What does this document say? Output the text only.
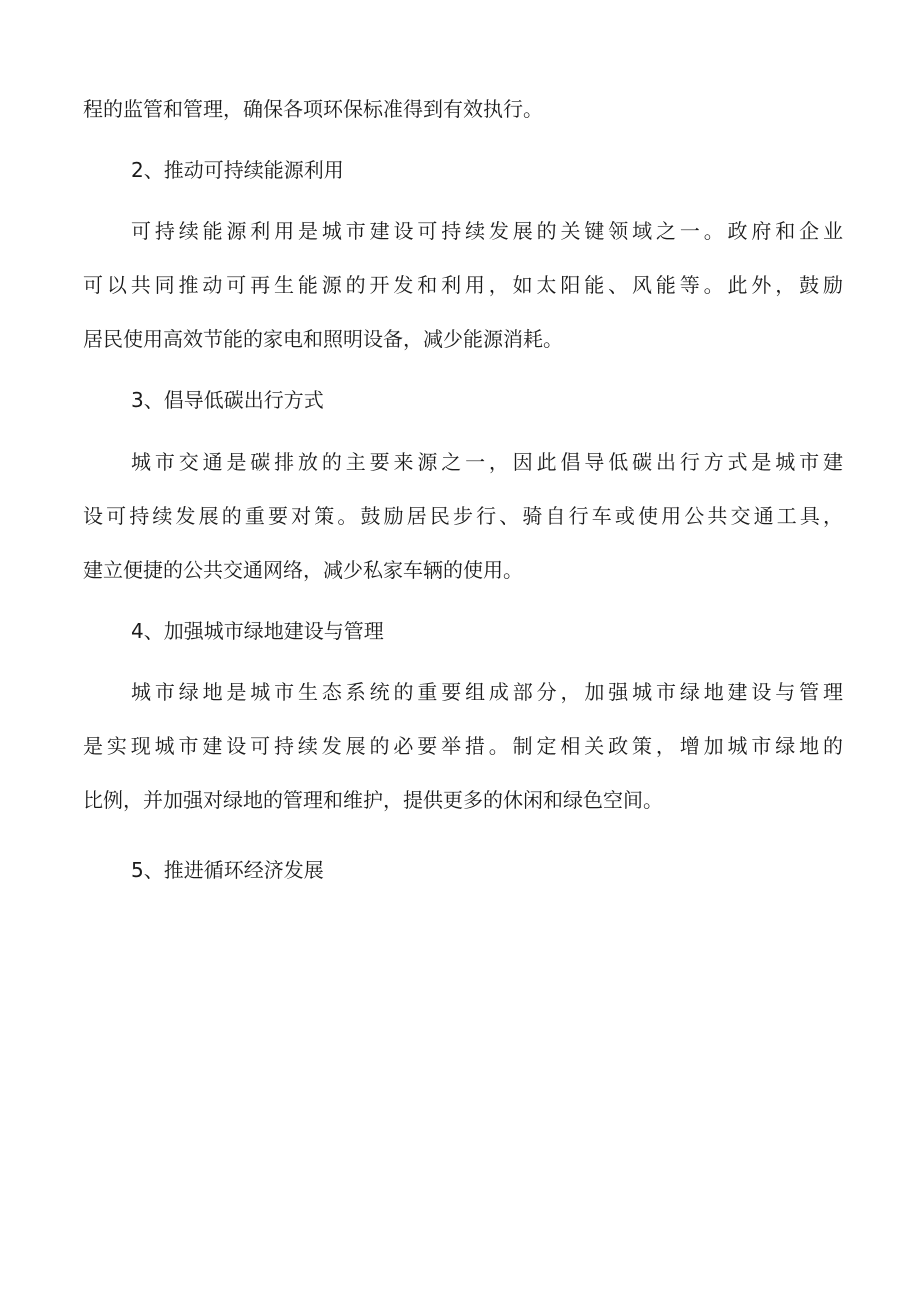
程的监管和管理，确保各项环保标准得到有效执行。
2、推动可持续能源利用
可持续能源利用是城市建设可持续发展的关键领域之一。政府和企业
可以共同推动可再生能源的开发和利用，如太阳能、风能等。此外，鼓励
居民使用高效节能的家电和照明设备，减少能源消耗。
3、倡导低碳出行方式
城市交通是碳排放的主要来源之一，因此倡导低碳出行方式是城市建
设可持续发展的重要对策。鼓励居民步行、骑自行车或使用公共交通工具，
建立便捷的公共交通网络，减少私家车辆的使用。
4、加强城市绿地建设与管理
城市绿地是城市生态系统的重要组成部分，加强城市绿地建设与管理
是实现城市建设可持续发展的必要举措。制定相关政策，增加城市绿地的
比例，并加强对绿地的管理和维护，提供更多的休闲和绿色空间。
5、推进循环经济发展
